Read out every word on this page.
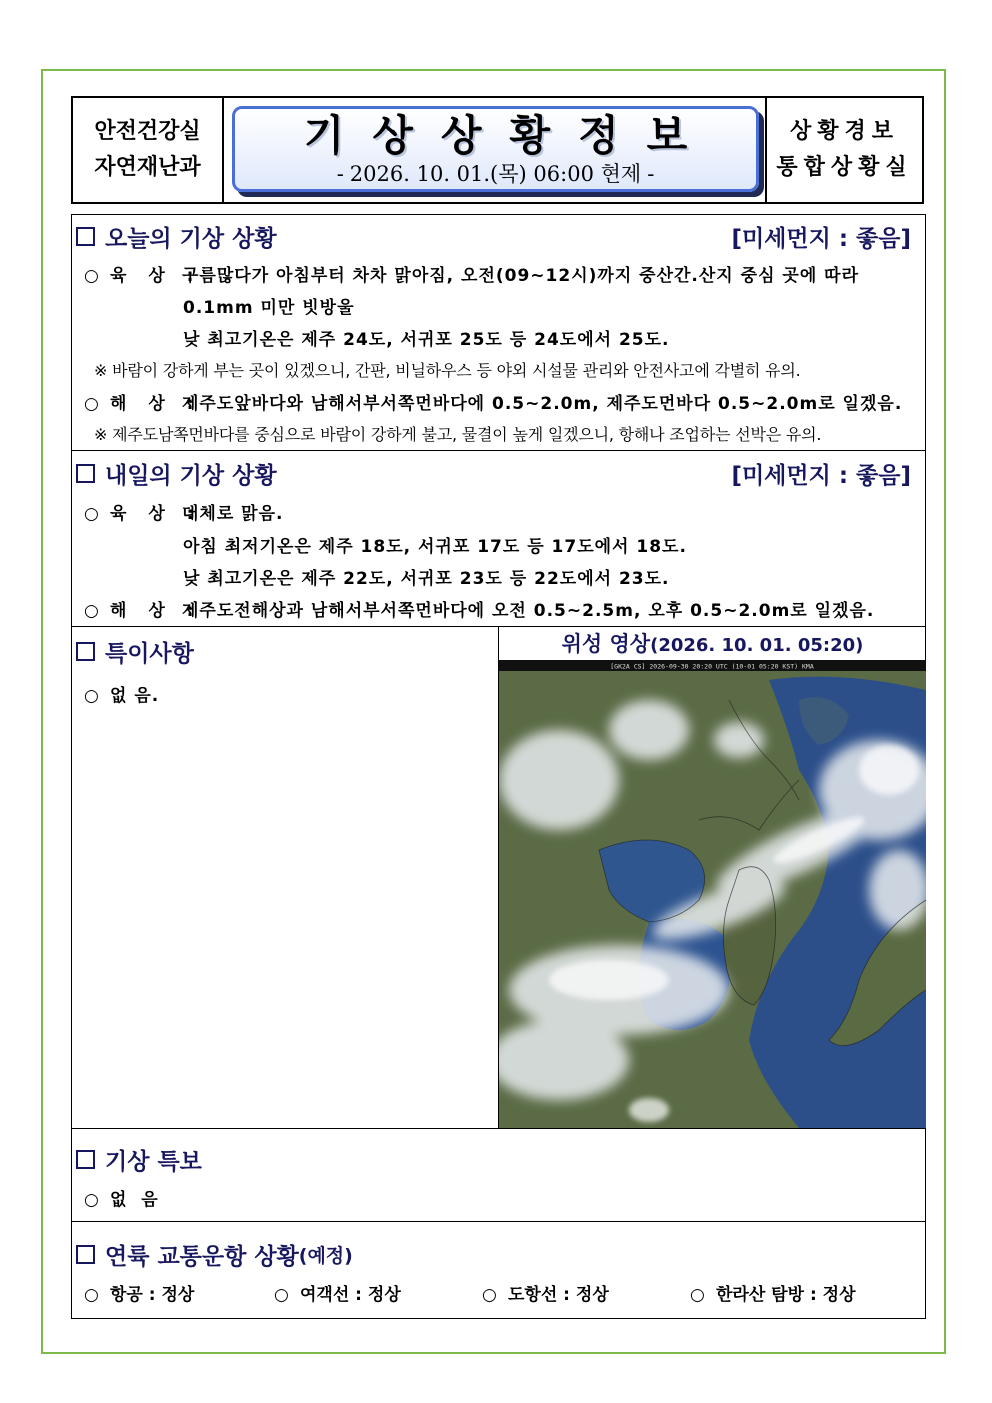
안전건강실
자연재난과
기상상황정보
- 2026. 10. 01.(목) 06:00 현제 -
상황경보
통합상황실
오늘의 기상 상황	[미세먼지 : 좋음]
○ 육 상 :구름많다가 아침부터 차차 맑아짐, 오전(09~12시)까지 중산간.산지 중심 곳에 따라
0.1mm 미만 빗방울
낮 최고기온은 제주 24도, 서귀포 25도 등 24도에서 25도.
※ 바람이 강하게 부는 곳이 있겠으니, 간판, 비닐하우스 등 야외 시설물 관리와 안전사고에 각별히 유의.
○ 해 상 :제주도앞바다와 남해서부서쪽먼바다에 0.5~2.0m, 제주도먼바다 0.5~2.0m로 일겠음.
※ 제주도남쪽먼바다를 중심으로 바람이 강하게 불고, 물결이 높게 일겠으니, 항해나 조업하는 선박은 유의.
내일의 기상 상황	[미세먼지 : 좋음]
○ 육 상 :대체로 맑음.
아침 최저기온은 제주 18도, 서귀포 17도 등 17도에서 18도.
낮 최고기온은 제주 22도, 서귀포 23도 등 22도에서 23도.
○ 해 상 :제주도전해상과 남해서부서쪽먼바다에 오전 0.5~2.5m, 오후 0.5~2.0m로 일겠음.
특이사항
○ 없 음.
위성 영상(2026. 10. 01. 05:20)
[GK2A CS] 2026-09-30 20:20 UTC (10-01 05:20 KST) KMA
기상 특보
○ 없  음
연륙 교통운항 상황 (예정)
○ 항공 : 정상	○ 여객선 : 정상	○ 도항선 : 정상	○ 한라산 탐방 : 정상
